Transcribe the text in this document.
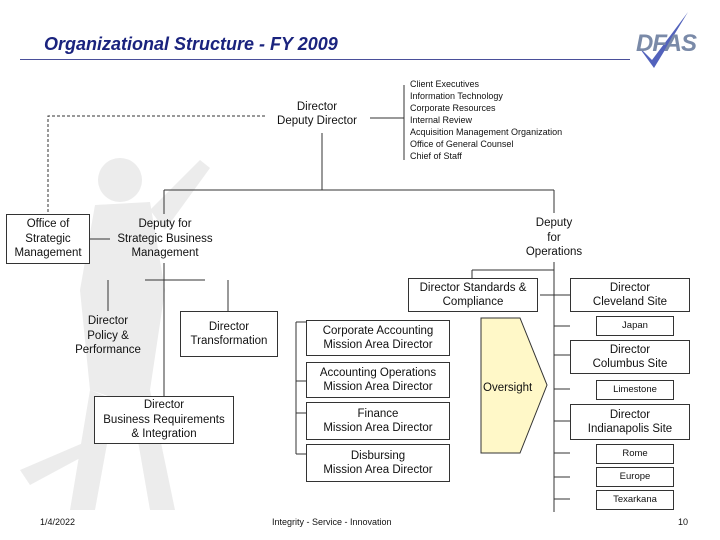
Organizational Structure - FY 2009	DFAS
Director
Deputy Director
Client Executives
Information Technology
Corporate Resources
Internal Review
Acquisition Management Organization
Office of General Counsel
Chief of Staff
Office of
Strategic
Management
Deputy for
Strategic Business
Management
Deputy
for
Operations
Director
Policy &
Performance
Director
Transformation
Director
Business Requirements
& Integration
Director Standards &
Compliance
Corporate Accounting
Mission Area Director
Accounting Operations
Mission Area Director
Finance
Mission Area Director
Disbursing
Mission Area Director
Oversight
Director
Cleveland Site
Japan
Director
Columbus Site
Limestone
Director
Indianapolis Site
Rome
Europe
Texarkana
1/4/2022	Integrity - Service - Innovation	10
